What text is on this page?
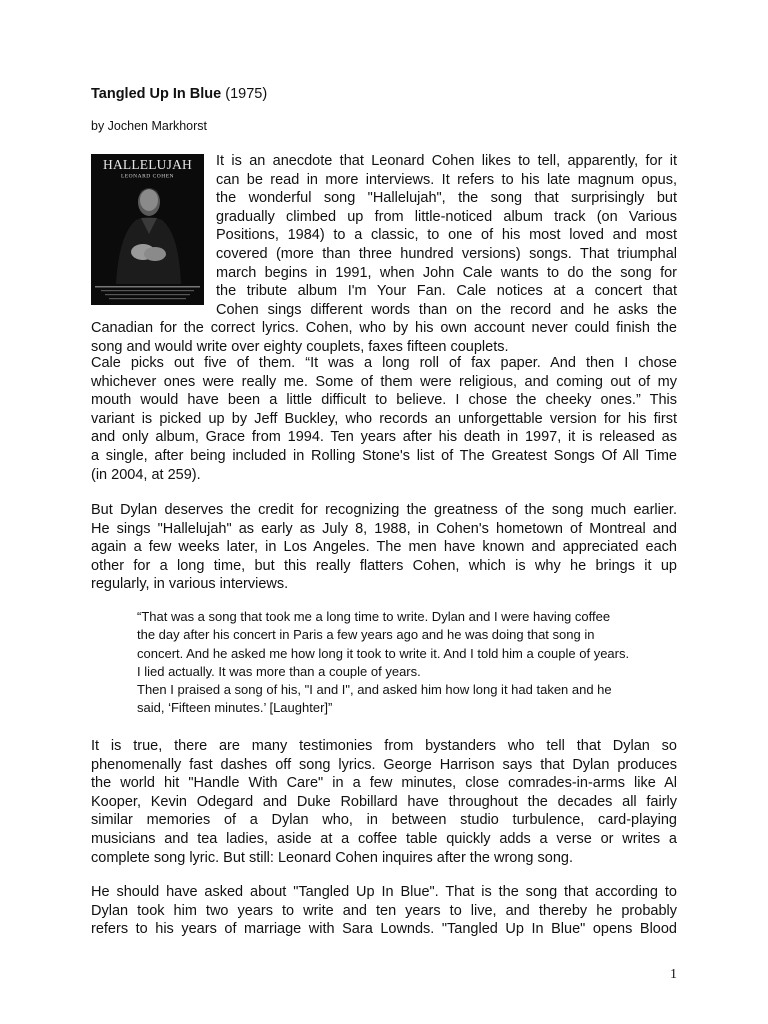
Tangled Up In Blue (1975)
by Jochen Markhorst
HALLELUJAH
LEONARD COHEN
It is an anecdote that Leonard Cohen likes to tell, apparently, for it
can be read in more interviews. It refers to his late magnum opus,
the wonderful song "Hallelujah", the song that surprisingly but
gradually climbed up from little-noticed album track (on Various
Positions, 1984) to a classic, to one of his most loved and most
covered (more than three hundred versions) songs. That triumphal
march begins in 1991, when John Cale wants to do the song for
the tribute album I'm Your Fan. Cale notices at a concert that
Cohen sings different words than on the record and he asks the
Canadian for the correct lyrics. Cohen, who by his own account never could finish the
song and would write over eighty couplets, faxes fifteen couplets.
Cale picks out five of them. “It was a long roll of fax paper. And then I chose
whichever ones were really me. Some of them were religious, and coming out of my
mouth would have been a little difficult to believe. I chose the cheeky ones.” This
variant is picked up by Jeff Buckley, who records an unforgettable version for his first
and only album, Grace from 1994. Ten years after his death in 1997, it is released as
a single, after being included in Rolling Stone's list of The Greatest Songs Of All Time
(in 2004, at 259).
But Dylan deserves the credit for recognizing the greatness of the song much earlier.
He sings "Hallelujah" as early as July 8, 1988, in Cohen's hometown of Montreal and
again a few weeks later, in Los Angeles. The men have known and appreciated each
other for a long time, but this really flatters Cohen, which is why he brings it up
regularly, in various interviews.
“That was a song that took me a long time to write. Dylan and I were having coffee
the day after his concert in Paris a few years ago and he was doing that song in
concert. And he asked me how long it took to write it. And I told him a couple of years.
I lied actually. It was more than a couple of years.
Then I praised a song of his, "I and I", and asked him how long it had taken and he
said, ‘Fifteen minutes.’ [Laughter]”
It is true, there are many testimonies from bystanders who tell that Dylan so
phenomenally fast dashes off song lyrics. George Harrison says that Dylan produces
the world hit "Handle With Care" in a few minutes, close comrades-in-arms like Al
Kooper, Kevin Odegard and Duke Robillard have throughout the decades all fairly
similar memories of a Dylan who, in between studio turbulence, card-playing
musicians and tea ladies, aside at a coffee table quickly adds a verse or writes a
complete song lyric. But still: Leonard Cohen inquires after the wrong song.
He should have asked about "Tangled Up In Blue". That is the song that according to
Dylan took him two years to write and ten years to live, and thereby he probably
refers to his years of marriage with Sara Lownds. "Tangled Up In Blue" opens Blood
1
